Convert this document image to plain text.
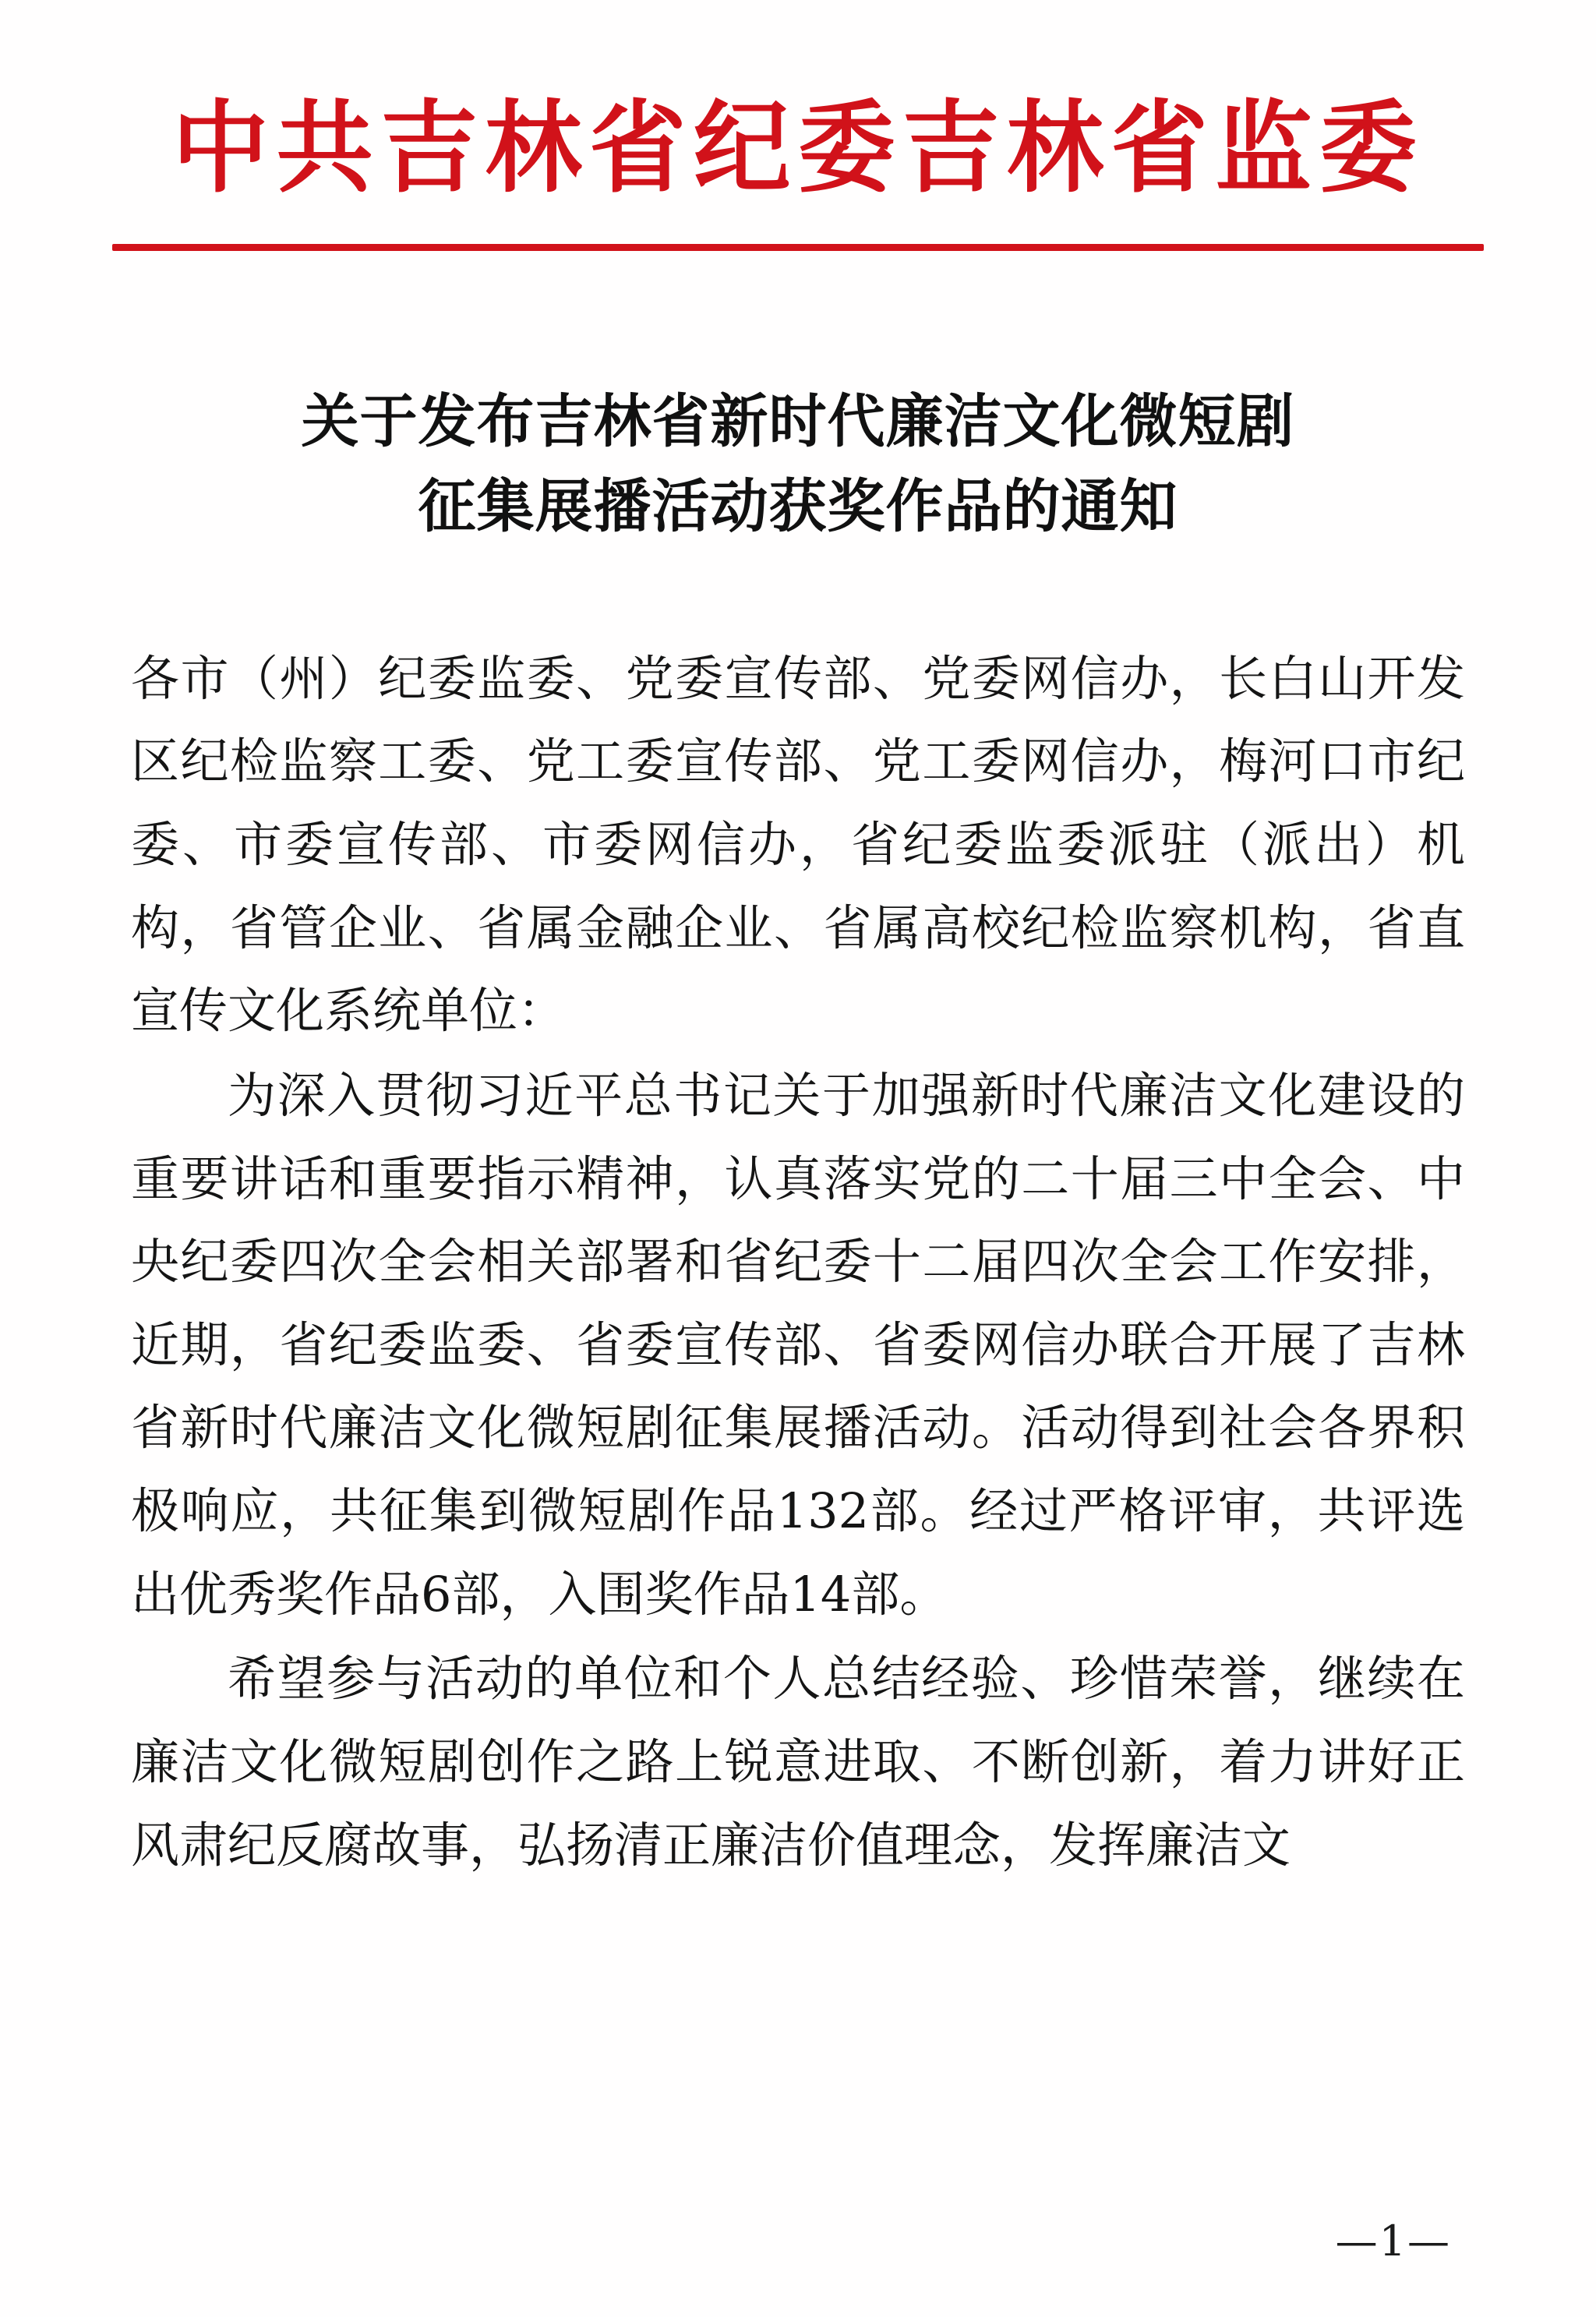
中共吉林省纪委吉林省监委
关于发布吉林省新时代廉洁文化微短剧
征集展播活动获奖作品的通知

各市（州）纪委监委、党委宣传部、党委网信办，长白山开发区纪检监察工委、党工委宣传部、党工委网信办，梅河口市纪委、市委宣传部、市委网信办，省纪委监委派驻（派出）机构，省管企业、省属金融企业、省属高校纪检监察机构，省直宣传文化系统单位：

为深入贯彻习近平总书记关于加强新时代廉洁文化建设的重要讲话和重要指示精神，认真落实党的二十届三中全会、中央纪委四次全会相关部署和省纪委十二届四次全会工作安排，近期，省纪委监委、省委宣传部、省委网信办联合开展了吉林省新时代廉洁文化微短剧征集展播活动。活动得到社会各界积极响应，共征集到微短剧作品132部。经过严格评审，共评选出优秀奖作品6部，入围奖作品14部。

希望参与活动的单位和个人总结经验、珍惜荣誉，继续在廉洁文化微短剧创作之路上锐意进取、不断创新，着力讲好正风肃纪反腐故事，弘扬清正廉洁价值理念，发挥廉洁文

—1—
